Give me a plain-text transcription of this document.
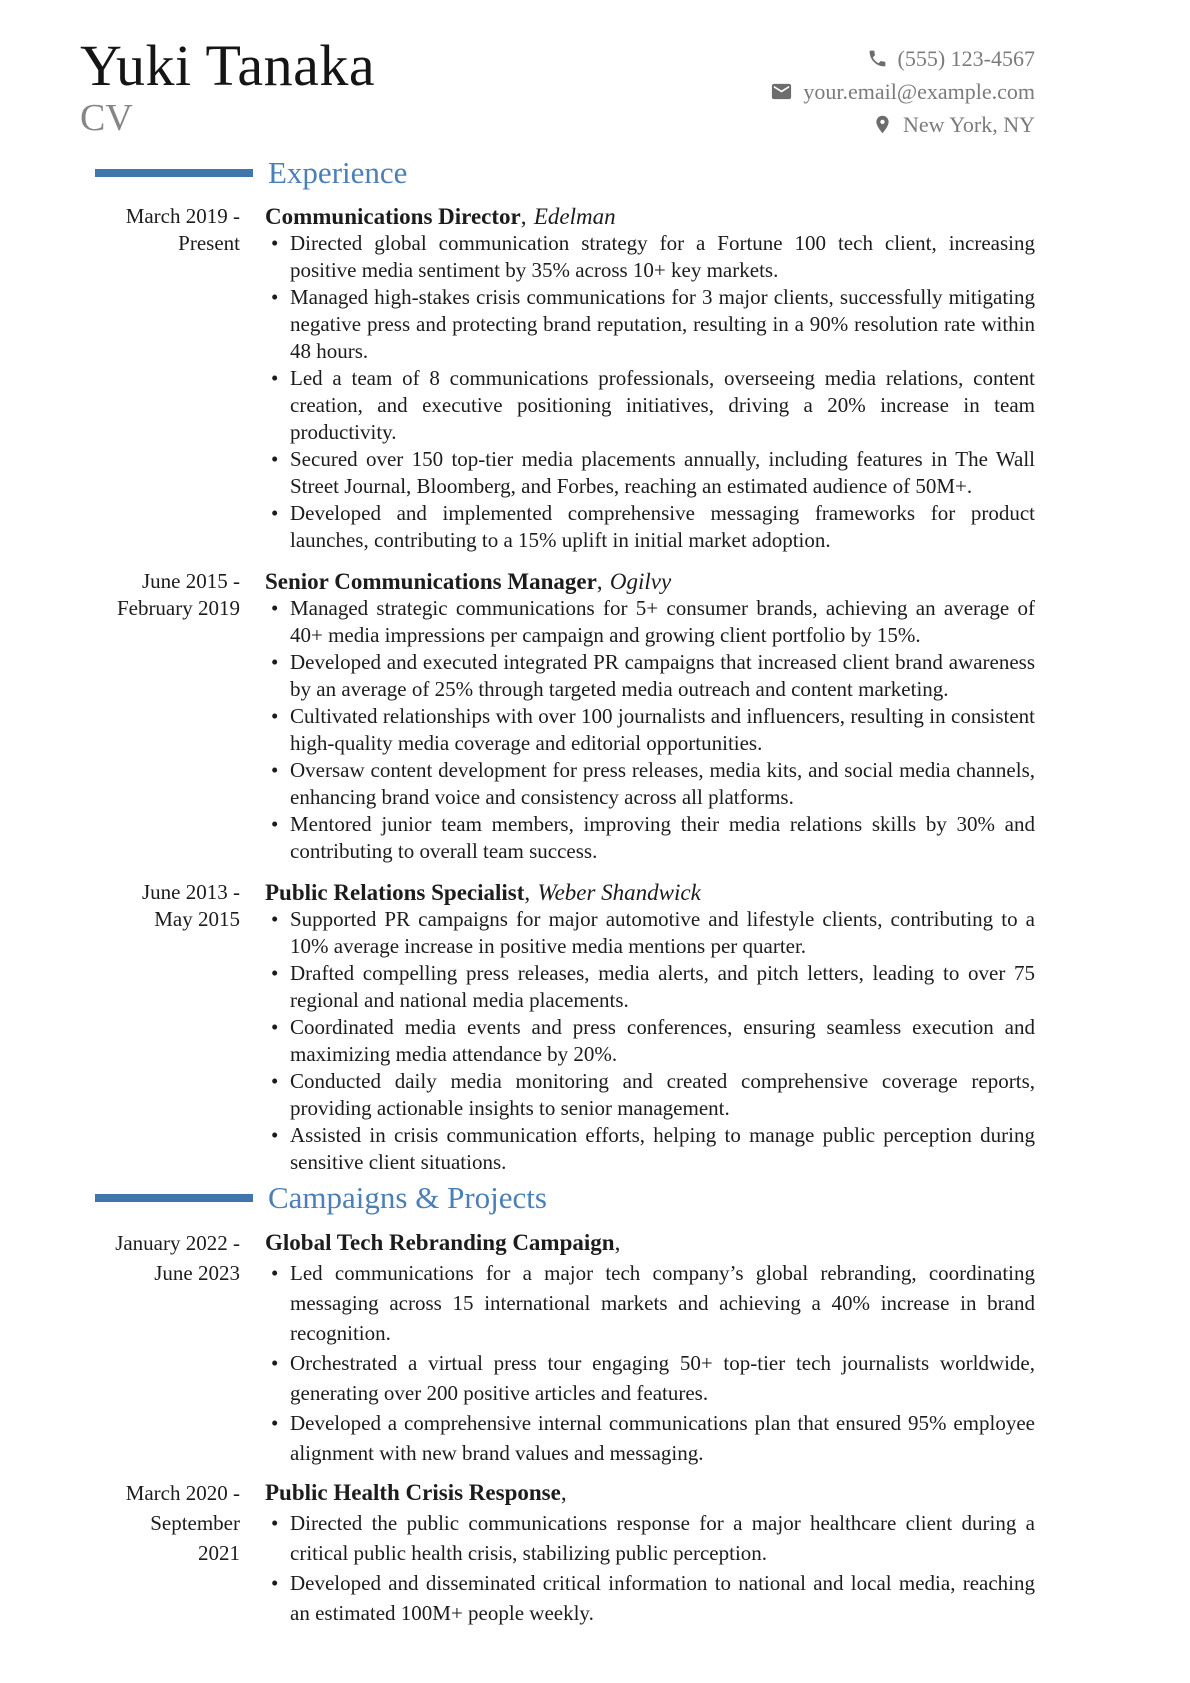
Yuki Tanaka
CV
(555) 123-4567
your.email@example.com
New York, NY
Experience
March 2019 - Present
Communications Director, Edelman
• Directed global communication strategy for a Fortune 100 tech client, increasing positive media sentiment by 35% across 10+ key markets.
• Managed high-stakes crisis communications for 3 major clients, successfully mitigating negative press and protecting brand reputation, resulting in a 90% resolution rate within 48 hours.
• Led a team of 8 communications professionals, overseeing media relations, content creation, and executive positioning initiatives, driving a 20% increase in team productivity.
• Secured over 150 top-tier media placements annually, including features in The Wall Street Journal, Bloomberg, and Forbes, reaching an estimated audience of 50M+.
• Developed and implemented comprehensive messaging frameworks for product launches, contributing to a 15% uplift in initial market adoption.
June 2015 - February 2019
Senior Communications Manager, Ogilvy
• Managed strategic communications for 5+ consumer brands, achieving an average of 40+ media impressions per campaign and growing client portfolio by 15%.
• Developed and executed integrated PR campaigns that increased client brand awareness by an average of 25% through targeted media outreach and content marketing.
• Cultivated relationships with over 100 journalists and influencers, resulting in consistent high-quality media coverage and editorial opportunities.
• Oversaw content development for press releases, media kits, and social media channels, enhancing brand voice and consistency across all platforms.
• Mentored junior team members, improving their media relations skills by 30% and contributing to overall team success.
June 2013 - May 2015
Public Relations Specialist, Weber Shandwick
• Supported PR campaigns for major automotive and lifestyle clients, contributing to a 10% average increase in positive media mentions per quarter.
• Drafted compelling press releases, media alerts, and pitch letters, leading to over 75 regional and national media placements.
• Coordinated media events and press conferences, ensuring seamless execution and maximizing media attendance by 20%.
• Conducted daily media monitoring and created comprehensive coverage reports, providing actionable insights to senior management.
• Assisted in crisis communication efforts, helping to manage public perception during sensitive client situations.
Campaigns & Projects
January 2022 - June 2023
Global Tech Rebranding Campaign,
• Led communications for a major tech company’s global rebranding, coordinating messaging across 15 international markets and achieving a 40% increase in brand recognition.
• Orchestrated a virtual press tour engaging 50+ top-tier tech journalists worldwide, generating over 200 positive articles and features.
• Developed a comprehensive internal communications plan that ensured 95% employee alignment with new brand values and messaging.
March 2020 - September 2021
Public Health Crisis Response,
• Directed the public communications response for a major healthcare client during a critical public health crisis, stabilizing public perception.
• Developed and disseminated critical information to national and local media, reaching an estimated 100M+ people weekly.
